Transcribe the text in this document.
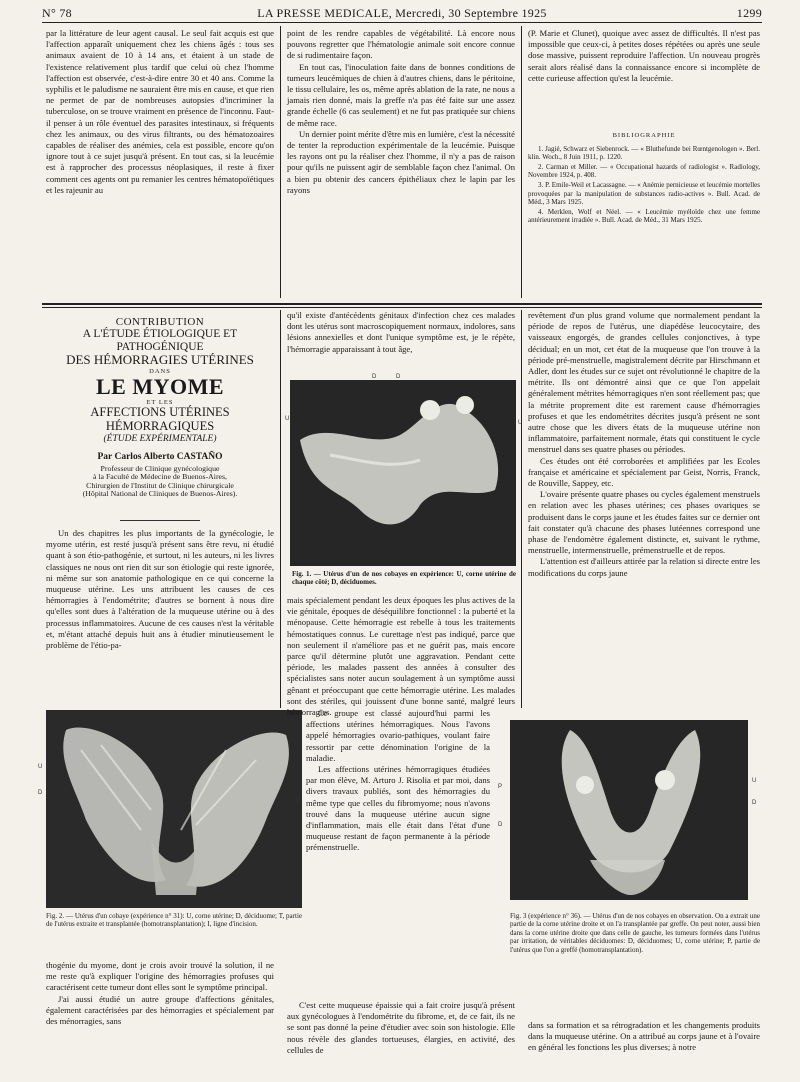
N° 78	LA PRESSE MEDICALE, Mercredi, 30 Septembre 1925	1299

par la littérature de leur agent causal. Le seul fait acquis est que l'affection apparaît uniquement chez les chiens âgés : tous ses animaux avaient de 10 à 14 ans, et étaient à un stade de l'existence relativement plus tardif que celui où chez l'homme l'affection est observée, c'est-à-dire entre 30 et 40 ans. Comme la syphilis et le paludisme ne sauraient être mis en cause, et que rien ne permet de par de nombreuses autopsies d'incriminer la tuberculose, on se trouve vraiment en présence de l'inconnu. Faut-il penser à un rôle éventuel des parasites intestinaux, si fréquents chez les animaux, ou des virus filtrants, ou des hématozoaires capables de réaliser des anémies, cela est possible, encore qu'on ignore tout à ce sujet jusqu'à présent. En tout cas, si la leucémie est à rapprocher des processus néoplasiques, il reste à fixer comment ces agents ont pu remanier les centres hématopoïétiques et les rajeunir au

point de les rendre capables de végétabilité. Là encore nous pouvons regretter que l'hématologie animale soit encore connue de si rudimentaire façon.

En tout cas, l'inoculation faite dans de bonnes conditions de tumeurs leucémiques de chien à d'autres chiens, dans le péritoine, le tissu cellulaire, les os, même après ablation de la rate, ne nous a jamais rien donné, mais la greffe n'a pas été faite sur une assez grande échelle (6 cas seulement) et ne fut pas pratiquée sur chiens de même race.

Un dernier point mérite d'être mis en lumière, c'est la nécessité de tenter la reproduction expérimentale de la leucémie. Puisque les rayons ont pu la réaliser chez l'homme, il n'y a pas de raison pour qu'ils ne puissent agir de semblable façon chez l'animal. On a bien pu obtenir des cancers épithéliaux chez le lapin par les rayons

(P. Marie et Clunet), quoique avec assez de difficultés. Il n'est pas impossible que ceux-ci, à petites doses répétées ou après une seule dose massive, puissent reproduire l'affection. Un nouveau progrès serait alors réalisé dans la connaissance encore si incomplète de cette curieuse affection qu'est la leucémie.

BIBLIOGRAPHIE

1. Jagié, Schwarz et Siebenrock. — « Bluthefunde bei Rœntgenologen ». Berl. klin. Woch., 8 Juin 1911, p. 1220.

2. Carman et Miller. — « Occupational hazards of radiologist ». Radiology, Novembre 1924, p. 408.

3. P. Emile-Weil et Lacassagne. — « Anémie pernicieuse et leucémie mortelles provoquées par la manipulation de substances radio-actives ». Bull. Acad. de Méd., 3 Mars 1925.

4. Merklen, Wolf et Néel. — « Leucémie myéloïde chez une femme antérieurement irradiée ». Bull. Acad. de Méd., 31 Mars 1925.

CONTRIBUTION
A L'ÉTUDE ÉTIOLOGIQUE ET PATHOGÉNIQUE
DES HÉMORRAGIES UTÉRINES
DANS
LE MYOME
ET LES
AFFECTIONS UTÉRINES HÉMORRAGIQUES
(ÉTUDE EXPÉRIMENTALE)
Par Carlos Alberto CASTAÑO
Professeur de Clinique gynécologique
à la Faculté de Médecine de Buenos-Aires,
Chirurgien de l'Institut de Clinique chirurgicale
(Hôpital National de Cliniques de Buenos-Aires).

Un des chapitres les plus importants de la gynécologie, le myome utérin, est resté jusqu'à présent sans être revu, ni étudié quant à son étio-pathogénie, et surtout, ni les auteurs, ni les livres classiques ne nous ont rien dit sur son étiologie qui reste ignorée, ni même sur son anatomie pathologique en ce qui concerne la muqueuse utérine. Les uns attribuent les causes de ces hémorragies à l'endométrite; d'autres se bornent à nous dire qu'elles sont dues à l'altération de la muqueuse utérine ou à des processus inflammatoires. Aucune de ces causes n'est la véritable et, m'étant attaché depuis huit ans à étudier minutieusement le problème de l'étio-pa-

U
D
D
T
Fig. 2. — Utérus d'un cobaye (expérience n° 31): U, corne utérine; D, déciduome; T, partie de l'utérus extraite et transplantée (homotransplantation); I, ligne d'incision.

thogénie du myome, dont je crois avoir trouvé la solution, il ne me reste qu'à expliquer l'origine des hémorragies profuses qui caractérisent cette tumeur dont elles sont le symptôme principal.

J'ai aussi étudié un autre groupe d'affections génitales, également caractérisées par des hémorragies et spécialement par des ménorragies, sans

qu'il existe d'antécédents génitaux d'infection chez ces malades dont les utérus sont macroscopiquement normaux, indolores, sans lésions annexielles et dont l'unique symptôme est, je le répète, l'hémorragie apparaissant à tout âge,

U
D	D
U
Fig. 1. — Utérus d'un de nos cobayes en expérience: U, corne utérine de chaque côté; D, déciduomes.

mais spécialement pendant les deux époques les plus actives de la vie génitale, époques de déséquilibre fonctionnel : la puberté et la ménopause. Cette hémorragie est rebelle à tous les traitements hémostatiques connus. Le curettage n'est pas indiqué, parce que non seulement il n'améliore pas et ne guérit pas, mais encore parce qu'il détermine plutôt une aggravation. Pendant cette période, les malades passent des années à consulter des spécialistes sans noter aucun soulagement à un symptôme aussi gênant et préoccupant que cette hémorragie utérine. Les malades sont des stériles, qui jouissent d'une bonne santé, malgré leurs hémorragies.

Ce groupe est classé aujourd'hui parmi les affections utérines hémorragiques. Nous l'avons appelé hémorragies ovario-pathiques, voulant faire ressortir par cette dénomination l'origine de la maladie.

Les affections utérines hémorragiques étudiées par mon élève, M. Arturo J. Risolia et par moi, dans divers travaux publiés, sont des hémorragies du même type que celles du fibromyome; nous n'avons trouvé dans la muqueuse utérine aucun signe d'inflammation, mais elle était dans l'état d'une muqueuse restant de façon permanente à la période prémenstruelle.

C'est cette muqueuse épaissie qui a fait croire jusqu'à présent aux gynécologues à l'endométrite du fibrome, et, de ce fait, ils ne se sont pas donné la peine d'étudier avec soin son histologie. Elle nous révèle des glandes tortueuses, élargies, en activité, des cellules de

revêtement d'un plus grand volume que normalement pendant la période de repos de l'utérus, une diapédèse leucocytaire, des vaisseaux engorgés, de grandes cellules conjonctives, à type décidual; en un mot, cet état de la muqueuse que l'on trouve à la période pré-menstruelle, magistralement décrite par Hirschmann et Adler, dont les études sur ce sujet ont révolutionné le chapitre de la métrite. Ils ont démontré ainsi que ce que l'on appelait généralement métrites hémorragiques n'en sont réellement pas; que la métrite proprement dite est rarement cause d'hémorragies profuses et que les endométrites décrites jusqu'à présent ne sont autre chose que les divers états de la muqueuse utérine non inflammatoire, parfaitement normale, états qui constituent le cycle menstruel dans ses quatre phases ou périodes.

Ces études ont été corroborées et amplifiées par les Ecoles française et américaine et spécialement par Geist, Norris, Franck, de Rouville, Sappey, etc.

L'ovaire présente quatre phases ou cycles également menstruels en relation avec les phases utérines; ces phases ovariques se produisent dans le corps jaune et les études faites sur ce dernier ont fait constater qu'à chacune des phases lutéennes correspond une phase de l'endomètre également distincte, et, suivant le rythme, menstruelle, intermenstruelle, prémenstruelle et de repos.

L'attention est d'ailleurs attirée par la relation si directe entre les modifications du corps jaune

P
D
U
D
Fig. 3 (expérience n° 36). — Utérus d'un de nos cobayes en observation. On a extrait une partie de la corne utérine droite et on l'a transplantée par greffe. On peut noter, aussi bien dans la corne utérine droite que dans celle de gauche, les tumeurs formées dans l'utérus par irritation, de véritables déciduomes: D, déciduomes; U, corne utérine; P, partie de l'utérus que l'on a greffé (homotransplantation).

dans sa formation et sa rétrogradation et les changements produits dans la muqueuse utérine. On a attribué au corps jaune et à l'ovaire en général les fonctions les plus diverses; à notre
